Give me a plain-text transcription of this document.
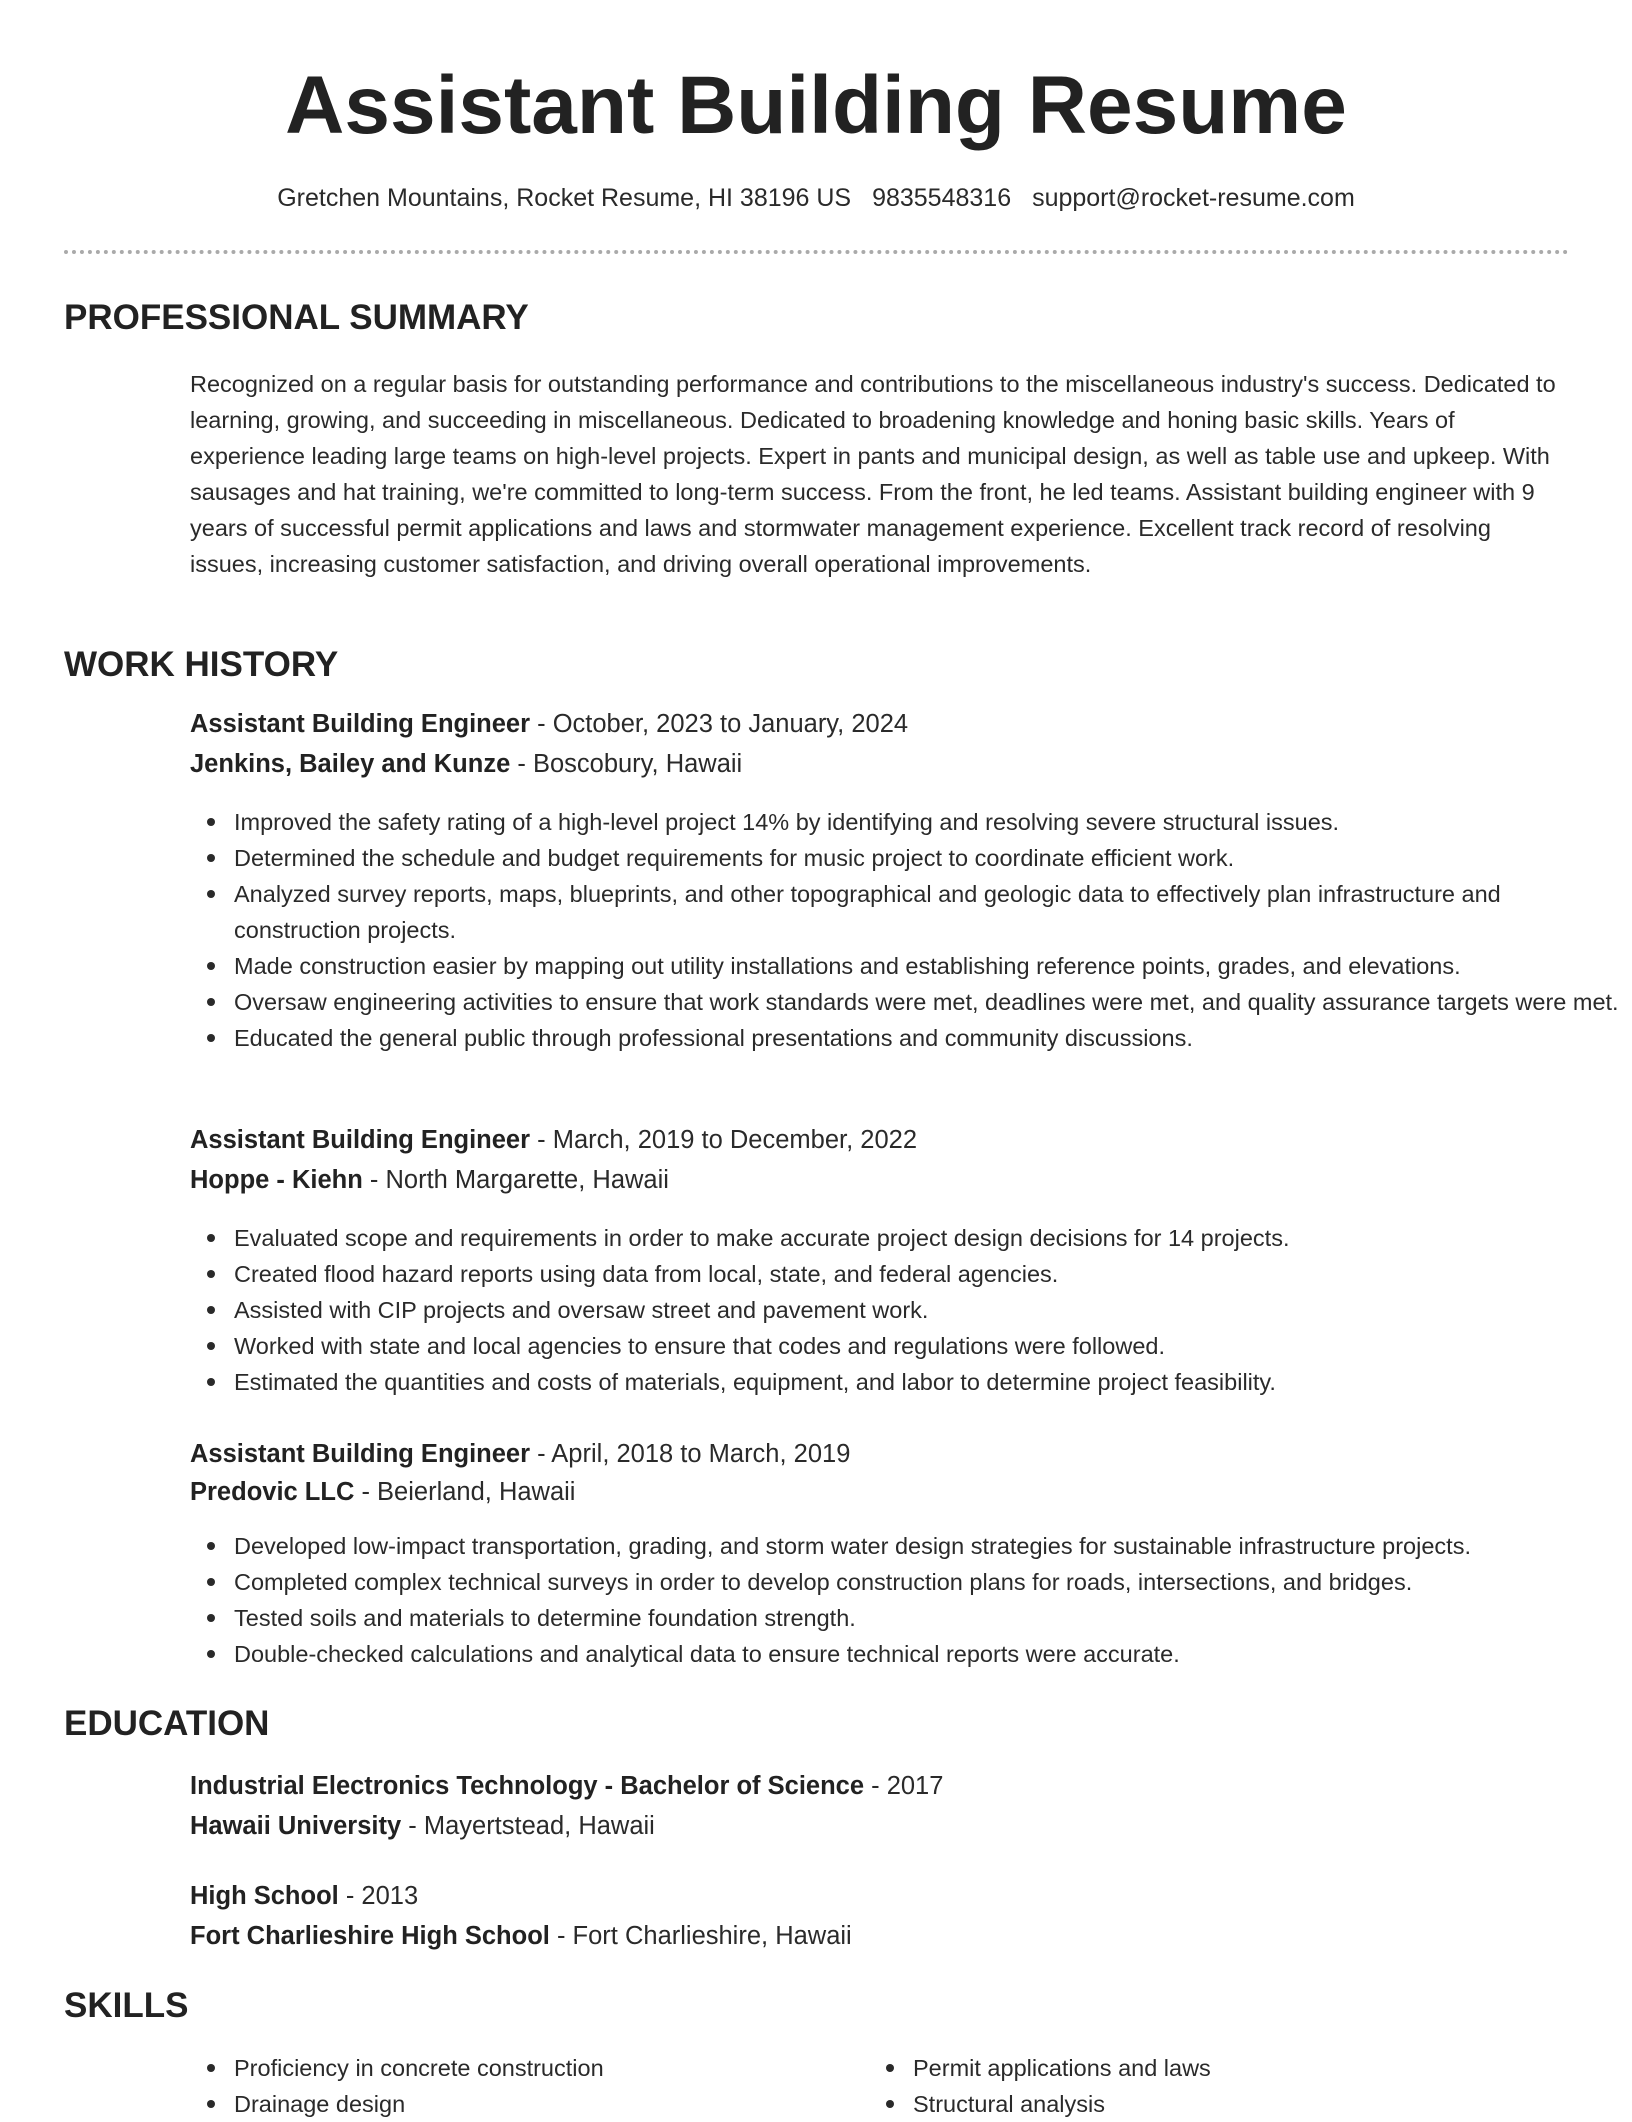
Assistant Building Resume
Gretchen Mountains, Rocket Resume, HI 38196 US 9835548316 support@rocket-resume.com
PROFESSIONAL SUMMARY
Recognized on a regular basis for outstanding performance and contributions to the miscellaneous industry's success. Dedicated to learning, growing, and succeeding in miscellaneous. Dedicated to broadening knowledge and honing basic skills. Years of experience leading large teams on high-level projects. Expert in pants and municipal design, as well as table use and upkeep. With sausages and hat training, we're committed to long-term success. From the front, he led teams. Assistant building engineer with 9 years of successful permit applications and laws and stormwater management experience. Excellent track record of resolving issues, increasing customer satisfaction, and driving overall operational improvements.
WORK HISTORY
Assistant Building Engineer - October, 2023 to January, 2024
Jenkins, Bailey and Kunze - Boscobury, Hawaii
Improved the safety rating of a high-level project 14% by identifying and resolving severe structural issues.
Determined the schedule and budget requirements for music project to coordinate efficient work.
Analyzed survey reports, maps, blueprints, and other topographical and geologic data to effectively plan infrastructure and construction projects.
Made construction easier by mapping out utility installations and establishing reference points, grades, and elevations.
Oversaw engineering activities to ensure that work standards were met, deadlines were met, and quality assurance targets were met.
Educated the general public through professional presentations and community discussions.
Assistant Building Engineer - March, 2019 to December, 2022
Hoppe - Kiehn - North Margarette, Hawaii
Evaluated scope and requirements in order to make accurate project design decisions for 14 projects.
Created flood hazard reports using data from local, state, and federal agencies.
Assisted with CIP projects and oversaw street and pavement work.
Worked with state and local agencies to ensure that codes and regulations were followed.
Estimated the quantities and costs of materials, equipment, and labor to determine project feasibility.
Assistant Building Engineer - April, 2018 to March, 2019
Predovic LLC - Beierland, Hawaii
Developed low-impact transportation, grading, and storm water design strategies for sustainable infrastructure projects.
Completed complex technical surveys in order to develop construction plans for roads, intersections, and bridges.
Tested soils and materials to determine foundation strength.
Double-checked calculations and analytical data to ensure technical reports were accurate.
EDUCATION
Industrial Electronics Technology - Bachelor of Science - 2017
Hawaii University - Mayertstead, Hawaii
High School - 2013
Fort Charlieshire High School - Fort Charlieshire, Hawaii
SKILLS
Proficiency in concrete construction
Drainage design
Permit applications and laws
Structural analysis
